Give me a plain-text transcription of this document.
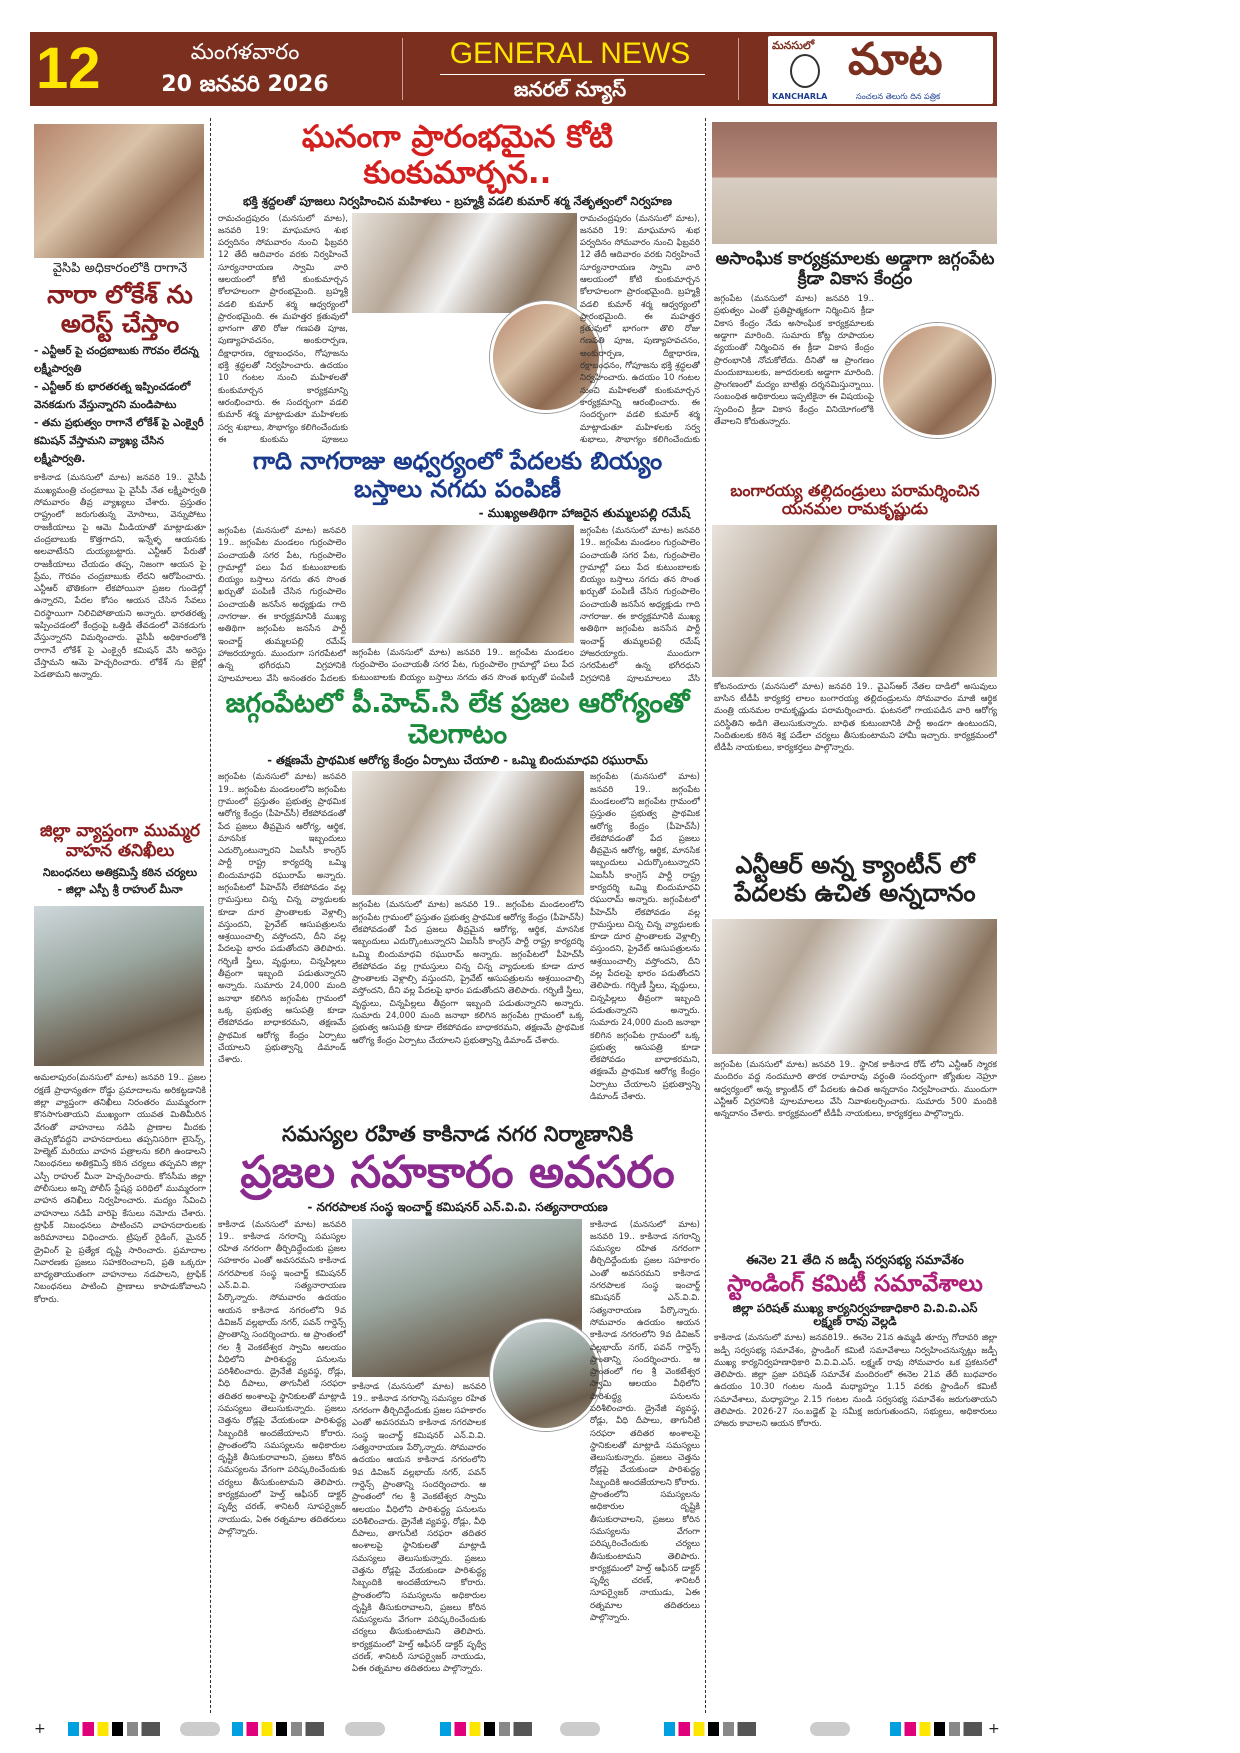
12	మంగళవారం
20 జనవరి 2026
GENERAL NEWS
జనరల్ న్యూస్
మనసులో మాట
KANCHARLA	సంచలన తెలుగు దిన పత్రిక
వైసీపీ అధికారంలోకి రాగానే
నారా లోకేశ్ ను అరెస్ట్ చేస్తాం
- ఎన్టీఆర్ పై చంద్రబాబుకు గౌరవం లేదన్న లక్ష్మీపార్వతి
- ఎన్టీఆర్ కు భారతరత్న ఇప్పించడంలో వెనకడుగు వేస్తున్నారని మండిపాటు
- తమ ప్రభుత్వం రాగానే లోకేశ్ పై ఎంక్వైరీ కమిషన్ వేస్తామని వ్యాఖ్య చేసిన లక్ష్మీపార్వతి.
కాకినాడ (మనసులో మాట) జనవరి 19.. వైసీపీ ముఖ్యమంత్రి చంద్రబాబు పై వైసీపీ నేత లక్ష్మీపార్వతి సోమవారం తీవ్ర వ్యాఖ్యలు చేశారు. ప్రస్తుతం రాష్ట్రంలో జరుగుతున్న మోసాలు, వెన్నుపోటు రాజకీయాలు పై ఆమె మీడియాతో మాట్లాడుతూ చంద్రబాబుకు కొత్తగాదని, ఇన్నేళ్ళ ఆయనకు అలవాటేనని దుయ్యబట్టారు. ఎన్టీఆర్ పేరుతో రాజకీయాలు చేయడం తప్ప, నిజంగా ఆయన పై ప్రేమ, గౌరవం చంద్రబాబుకు లేదని ఆరోపించారు. ఎన్టీఆర్ భౌతికంగా లేకపోయినా ప్రజల గుండెల్లో ఉన్నారని, పేదల కోసం ఆయన చేసిన సేవలు చిరస్థాయిగా నిలిచిపోతాయని అన్నారు. భారతరత్న ఇప్పించడంలో కేంద్రంపై ఒత్తిడి తేవడంలో వెనకడుగు వేస్తున్నారని విమర్శించారు. వైసీపీ అధికారంలోకి రాగానే లోకేశ్ పై ఎంక్వైరీ కమిషన్ వేసి అరెస్టు చేస్తామని ఆమె హెచ్చరించారు. లోకేశ్ ను జైల్లో పెడతామని అన్నారు.
జిల్లా వ్యాప్తంగా ముమ్మర వాహన తనిఖీలు
నిబంధనలు అతిక్రమిస్తే కఠిన చర్యలు
- జిల్లా ఎస్పీ శ్రీ రాహుల్ మీనా
అమలాపురం(మనసులో మాట) జనవరి 19.. ప్రజల రక్షణే ప్రాధాన్యతగా రోడ్డు ప్రమాదాలను అరికట్టడానికి జిల్లా వ్యాప్తంగా తనిఖీలు నిరంతరం ముమ్మరంగా కొనసాగుతాయని ముఖ్యంగా యువత మితిమీరిన వేగంతో వాహనాలు నడిపి ప్రాణాల మీదకు తెచ్చుకోవద్దని వాహనదారులు తప్పనిసరిగా లైసెన్స్, హెల్మెట్ మరియు వాహన పత్రాలను కలిగి ఉండాలని నిబంధనలు అతిక్రమిస్తే కఠిన చర్యలు తప్పవని జిల్లా ఎస్పీ రాహుల్ మీనా హెచ్చరించారు. కోనసీమ జిల్లా పోలీసులు అన్ని పోలీస్ స్టేషన్ల పరిధిలో ముమ్మరంగా వాహన తనిఖీలు నిర్వహించారు. మద్యం సేవించి వాహనాలు నడిపే వారిపై కేసులు నమోదు చేశారు. ట్రాఫిక్ నిబంధనలు పాటించని వాహనదారులకు జరిమానాలు విధించారు. ట్రిపుల్ రైడింగ్, మైనర్ డ్రైవింగ్ పై ప్రత్యేక దృష్టి సారించారు. ప్రమాదాల నివారణకు ప్రజలు సహకరించాలని, ప్రతి ఒక్కరూ బాధ్యతాయుతంగా వాహనాలు నడపాలని, ట్రాఫిక్ నిబంధనలు పాటించి ప్రాణాలు కాపాడుకోవాలని కోరారు.
ఘనంగా ప్రారంభమైన కోటి కుంకుమార్చన..
భక్తి శ్రద్దలతో పూజలు నిర్వహించిన మహిళలు - బ్రహ్మశ్రీ వడలి కుమార్ శర్మ నేతృత్వంలో నిర్వహణ
రామచంద్రపురం (మనసులో మాట), జనవరి 19: మాఘమాస శుభ పర్వదినం సోమవారం నుంచి ఫిబ్రవరి 12 తేదీ ఆదివారం వరకు నిర్వహించే సూర్యనారాయణ స్వామి వారి ఆలయంలో కోటి కుంకుమార్చన కోలాహలంగా ప్రారంభమైంది. బ్రహ్మశ్రీ వడలి కుమార్ శర్మ ఆధ్వర్యంలో ప్రారంభమైంది. ఈ మహత్తర క్రతువులో భాగంగా తొలి రోజు గణపతి పూజ, పుణ్యాహవచనం, అంకురార్పణ, దీక్షాధారణ, రక్షాబంధనం, గోపూజను భక్తి శ్రద్ధలతో నిర్వహించారు. ఉదయం 10 గంటల నుంచి మహిళలతో కుంకుమార్చన కార్యక్రమాన్ని ఆరంభించారు. ఈ సందర్భంగా వడలి కుమార్ శర్మ మాట్లాడుతూ మహిళలకు సర్వ శుభాలు, సౌభాగ్యం కలిగించేందుకు ఈ కుంకుమ పూజలు
రామచంద్రపురం (మనసులో మాట), జనవరి 19: మాఘమాస శుభ పర్వదినం సోమవారం నుంచి ఫిబ్రవరి 12 తేదీ ఆదివారం వరకు నిర్వహించే సూర్యనారాయణ స్వామి వారి ఆలయంలో కోటి కుంకుమార్చన కోలాహలంగా ప్రారంభమైంది. బ్రహ్మశ్రీ వడలి కుమార్ శర్మ ఆధ్వర్యంలో ప్రారంభమైంది. ఈ మహత్తర క్రతువులో భాగంగా తొలి రోజు గణపతి పూజ, పుణ్యాహవచనం, అంకురార్పణ, దీక్షాధారణ, రక్షాబంధనం, గోపూజను భక్తి శ్రద్ధలతో నిర్వహించారు. ఉదయం 10 గంటల నుంచి మహిళలతో కుంకుమార్చన కార్యక్రమాన్ని ఆరంభించారు. ఈ సందర్భంగా వడలి కుమార్ శర్మ మాట్లాడుతూ మహిళలకు సర్వ శుభాలు, సౌభాగ్యం కలిగించేందుకు
గాది నాగరాజు అధ్వర్యంలో పేదలకు బియ్యం బస్తాలు నగదు పంపిణీ
- ముఖ్యఅతిథిగా హాజరైన తుమ్మలపల్లి రమేష్
జగ్గంపేట (మనసులో మాట) జనవరి 19.. జగ్గంపేట మండలం గుర్రంపాలెం పంచాయతీ సగర పేట, గుర్రంపాలెం గ్రామాల్లో పలు పేద కుటుంబాలకు బియ్యం బస్తాలు నగదు తన సొంత ఖర్చుతో పంపిణీ చేసిన గుర్రంపాలెం పంచాయతీ జనసేన అధ్యక్షుడు గాది నాగరాజు. ఈ కార్యక్రమానికి ముఖ్య అతిథిగా జగ్గంపేట జనసేన పార్టీ ఇంచార్జ్ తుమ్మలపల్లి రమేష్ హాజరయ్యారు. ముందుగా సగరపేటలో ఉన్న భగీరధుని విగ్రహానికి పూలమాలలు వేసి అనంతరం పేదలకు
జగ్గంపేట (మనసులో మాట) జనవరి 19.. జగ్గంపేట మండలం గుర్రంపాలెం పంచాయతీ సగర పేట, గుర్రంపాలెం గ్రామాల్లో పలు పేద కుటుంబాలకు బియ్యం బస్తాలు నగదు తన సొంత ఖర్చుతో పంపిణీ
జగ్గంపేట (మనసులో మాట) జనవరి 19.. జగ్గంపేట మండలం గుర్రంపాలెం పంచాయతీ సగర పేట, గుర్రంపాలెం గ్రామాల్లో పలు పేద కుటుంబాలకు బియ్యం బస్తాలు నగదు తన సొంత ఖర్చుతో పంపిణీ చేసిన గుర్రంపాలెం పంచాయతీ జనసేన అధ్యక్షుడు గాది నాగరాజు. ఈ కార్యక్రమానికి ముఖ్య అతిథిగా జగ్గంపేట జనసేన పార్టీ ఇంచార్జ్ తుమ్మలపల్లి రమేష్ హాజరయ్యారు. ముందుగా సగరపేటలో ఉన్న భగీరధుని విగ్రహానికి పూలమాలలు వేసి
జగ్గంపేటలో పీ.హెచ్.సి లేక ప్రజల ఆరోగ్యంతో చెలగాటం
- తక్షణమే ప్రాథమిక ఆరోగ్య కేంద్రం ఏర్పాటు చేయాలి - ఒమ్మి బిందుమాధవి రఘురామ్
జగ్గంపేట (మనసులో మాట) జనవరి 19.. జగ్గంపేట మండలంలోని జగ్గంపేట గ్రామంలో ప్రస్తుతం ప్రభుత్వ ప్రాథమిక ఆరోగ్య కేంద్రం (పీహెచ్‌సీ) లేకపోవడంతో పేద ప్రజలు తీవ్రమైన ఆరోగ్య, ఆర్థిక, మానసిక ఇబ్బందులు ఎదుర్కొంటున్నారని ఏఐసీసీ కాంగ్రెస్ పార్టీ రాష్ట్ర కార్యదర్శి ఒమ్మి బిందుమాధవి రఘురామ్ అన్నారు. జగ్గంపేటలో పీహెచ్‌సీ లేకపోవడం వల్ల గ్రామస్తులు చిన్న చిన్న వ్యాధులకు కూడా దూర ప్రాంతాలకు వెళ్లాల్సి వస్తుందని, ప్రైవేట్ ఆసుపత్రులను ఆశ్రయించాల్సి వస్తోందని, దీని వల్ల పేదలపై భారం పడుతోందని తెలిపారు. గర్భిణీ స్త్రీలు, వృద్ధులు, చిన్నపిల్లలు తీవ్రంగా ఇబ్బంది పడుతున్నారని అన్నారు. సుమారు 24,000 మంది జనాభా కలిగిన జగ్గంపేట గ్రామంలో ఒక్క ప్రభుత్వ ఆసుపత్రి కూడా లేకపోవడం బాధాకరమని, తక్షణమే ప్రాథమిక ఆరోగ్య కేంద్రం ఏర్పాటు చేయాలని ప్రభుత్వాన్ని డిమాండ్ చేశారు.
జగ్గంపేట (మనసులో మాట) జనవరి 19.. జగ్గంపేట మండలంలోని జగ్గంపేట గ్రామంలో ప్రస్తుతం ప్రభుత్వ ప్రాథమిక ఆరోగ్య కేంద్రం (పీహెచ్‌సీ) లేకపోవడంతో పేద ప్రజలు తీవ్రమైన ఆరోగ్య, ఆర్థిక, మానసిక ఇబ్బందులు ఎదుర్కొంటున్నారని ఏఐసీసీ కాంగ్రెస్ పార్టీ రాష్ట్ర కార్యదర్శి ఒమ్మి బిందుమాధవి రఘురామ్ అన్నారు. జగ్గంపేటలో పీహెచ్‌సీ లేకపోవడం వల్ల గ్రామస్తులు చిన్న చిన్న వ్యాధులకు కూడా దూర ప్రాంతాలకు వెళ్లాల్సి వస్తుందని, ప్రైవేట్ ఆసుపత్రులను ఆశ్రయించాల్సి వస్తోందని, దీని వల్ల పేదలపై భారం పడుతోందని తెలిపారు. గర్భిణీ స్త్రీలు, వృద్ధులు, చిన్నపిల్లలు తీవ్రంగా ఇబ్బంది పడుతున్నారని అన్నారు. సుమారు 24,000 మంది జనాభా కలిగిన జగ్గంపేట గ్రామంలో ఒక్క ప్రభుత్వ ఆసుపత్రి కూడా లేకపోవడం బాధాకరమని, తక్షణమే ప్రాథమిక ఆరోగ్య కేంద్రం ఏర్పాటు చేయాలని ప్రభుత్వాన్ని డిమాండ్ చేశారు.
జగ్గంపేట (మనసులో మాట) జనవరి 19.. జగ్గంపేట మండలంలోని జగ్గంపేట గ్రామంలో ప్రస్తుతం ప్రభుత్వ ప్రాథమిక ఆరోగ్య కేంద్రం (పీహెచ్‌సీ) లేకపోవడంతో పేద ప్రజలు తీవ్రమైన ఆరోగ్య, ఆర్థిక, మానసిక ఇబ్బందులు ఎదుర్కొంటున్నారని ఏఐసీసీ కాంగ్రెస్ పార్టీ రాష్ట్ర కార్యదర్శి ఒమ్మి బిందుమాధవి రఘురామ్ అన్నారు. జగ్గంపేటలో పీహెచ్‌సీ లేకపోవడం వల్ల గ్రామస్తులు చిన్న చిన్న వ్యాధులకు కూడా దూర ప్రాంతాలకు వెళ్లాల్సి వస్తుందని, ప్రైవేట్ ఆసుపత్రులను ఆశ్రయించాల్సి వస్తోందని, దీని వల్ల పేదలపై భారం పడుతోందని తెలిపారు. గర్భిణీ స్త్రీలు, వృద్ధులు, చిన్నపిల్లలు తీవ్రంగా ఇబ్బంది పడుతున్నారని అన్నారు. సుమారు 24,000 మంది జనాభా కలిగిన జగ్గంపేట గ్రామంలో ఒక్క ప్రభుత్వ ఆసుపత్రి కూడా లేకపోవడం బాధాకరమని, తక్షణమే ప్రాథమిక ఆరోగ్య కేంద్రం ఏర్పాటు చేయాలని ప్రభుత్వాన్ని డిమాండ్ చేశారు.
సమస్యల రహిత కాకినాడ నగర నిర్మాణానికి
ప్రజల సహకారం అవసరం
- నగరపాలక సంస్థ ఇంచార్జ్ కమిషనర్ ఎన్.వి.వి. సత్యనారాయణ
కాకినాడ (మనసులో మాట) జనవరి 19.. కాకినాడ నగరాన్ని సమస్యల రహిత నగరంగా తీర్చిదిద్దేందుకు ప్రజల సహకారం ఎంతో అవసరమని కాకినాడ నగరపాలక సంస్థ ఇంచార్జ్ కమిషనర్ ఎన్.వి.వి. సత్యనారాయణ పేర్కొన్నారు. సోమవారం ఉదయం ఆయన కాకినాడ నగరంలోని 9వ డివిజన్ వల్లభాయ్ నగర్, పవన్ గార్డెన్స్ ప్రాంతాన్ని సందర్శించారు. ఆ ప్రాంతంలో గల శ్రీ వెంకటేశ్వర స్వామి ఆలయం వీధిలోని పారిశుద్ధ్య పనులను పరిశీలించారు. డ్రైనేజీ వ్యవస్థ, రోడ్లు, వీధి దీపాలు, తాగునీటి సరఫరా తదితర అంశాలపై స్థానికులతో మాట్లాడి సమస్యలు తెలుసుకున్నారు. ప్రజలు చెత్తను రోడ్లపై వేయకుండా పారిశుద్ధ్య సిబ్బందికి అందజేయాలని కోరారు. ప్రాంతంలోని సమస్యలను అధికారుల దృష్టికి తీసుకురావాలని, ప్రజలు కోరిన సమస్యలను వేగంగా పరిష్కరించేందుకు చర్యలు తీసుకుంటామని తెలిపారు. కార్యక్రమంలో హెల్త్ ఆఫీసర్ డాక్టర్ పృథ్వీ చరణ్, శానిటరీ సూపర్వైజర్ నాయుడు, ఏఈ రత్నమాల తదితరులు పాల్గొన్నారు.
కాకినాడ (మనసులో మాట) జనవరి 19.. కాకినాడ నగరాన్ని సమస్యల రహిత నగరంగా తీర్చిదిద్దేందుకు ప్రజల సహకారం ఎంతో అవసరమని కాకినాడ నగరపాలక సంస్థ ఇంచార్జ్ కమిషనర్ ఎన్.వి.వి. సత్యనారాయణ పేర్కొన్నారు. సోమవారం ఉదయం ఆయన కాకినాడ నగరంలోని 9వ డివిజన్ వల్లభాయ్ నగర్, పవన్ గార్డెన్స్ ప్రాంతాన్ని సందర్శించారు. ఆ ప్రాంతంలో గల శ్రీ వెంకటేశ్వర స్వామి ఆలయం వీధిలోని పారిశుద్ధ్య పనులను పరిశీలించారు. డ్రైనేజీ వ్యవస్థ, రోడ్లు, వీధి దీపాలు, తాగునీటి సరఫరా తదితర అంశాలపై స్థానికులతో మాట్లాడి సమస్యలు తెలుసుకున్నారు. ప్రజలు చెత్తను రోడ్లపై వేయకుండా పారిశుద్ధ్య సిబ్బందికి అందజేయాలని కోరారు. ప్రాంతంలోని సమస్యలను అధికారుల దృష్టికి తీసుకురావాలని, ప్రజలు కోరిన సమస్యలను వేగంగా పరిష్కరించేందుకు చర్యలు తీసుకుంటామని తెలిపారు. కార్యక్రమంలో హెల్త్ ఆఫీసర్ డాక్టర్ పృథ్వీ చరణ్, శానిటరీ సూపర్వైజర్ నాయుడు, ఏఈ రత్నమాల తదితరులు పాల్గొన్నారు.
కాకినాడ (మనసులో మాట) జనవరి 19.. కాకినాడ నగరాన్ని సమస్యల రహిత నగరంగా తీర్చిదిద్దేందుకు ప్రజల సహకారం ఎంతో అవసరమని కాకినాడ నగరపాలక సంస్థ ఇంచార్జ్ కమిషనర్ ఎన్.వి.వి. సత్యనారాయణ పేర్కొన్నారు. సోమవారం ఉదయం ఆయన కాకినాడ నగరంలోని 9వ డివిజన్ వల్లభాయ్ నగర్, పవన్ గార్డెన్స్ ప్రాంతాన్ని సందర్శించారు. ఆ ప్రాంతంలో గల శ్రీ వెంకటేశ్వర స్వామి ఆలయం వీధిలోని పారిశుద్ధ్య పనులను పరిశీలించారు. డ్రైనేజీ వ్యవస్థ, రోడ్లు, వీధి దీపాలు, తాగునీటి సరఫరా తదితర అంశాలపై స్థానికులతో మాట్లాడి సమస్యలు తెలుసుకున్నారు. ప్రజలు చెత్తను రోడ్లపై వేయకుండా పారిశుద్ధ్య సిబ్బందికి అందజేయాలని కోరారు. ప్రాంతంలోని సమస్యలను అధికారుల దృష్టికి తీసుకురావాలని, ప్రజలు కోరిన సమస్యలను వేగంగా పరిష్కరించేందుకు చర్యలు తీసుకుంటామని తెలిపారు. కార్యక్రమంలో హెల్త్ ఆఫీసర్ డాక్టర్ పృథ్వీ చరణ్, శానిటరీ సూపర్వైజర్ నాయుడు, ఏఈ రత్నమాల తదితరులు పాల్గొన్నారు.
అసాంఘిక కార్యక్రమాలకు అడ్డాగా జగ్గంపేట క్రీడా వికాస కేంద్రం
జగ్గంపేట (మనసులో మాట) జనవరి 19.. ప్రభుత్వం ఎంతో ప్రతిష్టాత్మకంగా నిర్మించిన క్రీడా వికాస కేంద్రం నేడు అసాంఘిక కార్యక్రమాలకు అడ్డాగా మారింది. సుమారు కోట్ల రూపాయల వ్యయంతో నిర్మించిన ఈ క్రీడా వికాస కేంద్రం ప్రారంభానికి నోచుకోలేదు. దీనితో ఆ ప్రాంగణం మందుబాబులకు, జూదరులకు అడ్డాగా మారింది. ప్రాంగణంలో మద్యం బాటిళ్లు దర్శనమిస్తున్నాయి. సంబంధిత అధికారులు ఇప్పటికైనా ఈ విషయంపై స్పందించి క్రీడా వికాస కేంద్రం వినియోగంలోకి తేవాలని కోరుతున్నారు.
బంగారయ్య తల్లిదండ్రులు పరామర్శించిన యనమల రామకృష్ణుడు
కోటనందూరు (మనసులో మాట) జనవరి 19.. వైఎస్ఆర్ నేతల దాడిలో అసువులు బాసిన టీడీపీ కార్యకర్త లాలం బంగారయ్య తల్లిదండ్రులను సోమవారం మాజీ ఆర్థిక మంత్రి యనమల రామకృష్ణుడు పరామర్శించారు. ఘటనలో గాయపడిన వారి ఆరోగ్య పరిస్థితిని అడిగి తెలుసుకున్నారు. బాధిత కుటుంబానికి పార్టీ అండగా ఉంటుందని, నిందితులకు కఠిన శిక్ష పడేలా చర్యలు తీసుకుంటామని హామీ ఇచ్చారు. కార్యక్రమంలో టీడీపీ నాయకులు, కార్యకర్తలు పాల్గొన్నారు.
ఎన్టీఆర్ అన్న క్యాంటీన్ లో పేదలకు ఉచిత అన్నదానం
జగ్గంపేట (మనసులో మాట) జనవరి 19.. స్థానిక కాకినాడ రోడ్ లోని ఎన్టీఆర్ స్మారక మందిరం వద్ద నందమూరి తారక రామారావు వర్ధంతి సందర్భంగా జ్యోతుల నెహ్రూ ఆధ్వర్యంలో అన్న క్యాంటీన్ లో పేదలకు ఉచిత అన్నదానం నిర్వహించారు. ముందుగా ఎన్టీఆర్ విగ్రహానికి పూలమాలలు వేసి నివాళులర్పించారు. సుమారు 500 మందికి అన్నదానం చేశారు. కార్యక్రమంలో టీడీపీ నాయకులు, కార్యకర్తలు పాల్గొన్నారు.
ఈనెల 21 తేది న జడ్పీ సర్వసభ్య సమావేశం
స్టాండింగ్ కమిటీ సమావేశాలు
జిల్లా పరిషత్ ముఖ్య కార్యనిర్వహణాధికారి వి.వి.వి.ఎస్ లక్ష్మణ్ రావు వెల్లడి
కాకినాడ (మనసులో మాట) జనవరి19.. ఈనెల 21న ఉమ్మడి తూర్పు గోదావరి జిల్లా జడ్పీ సర్వసభ్య సమావేశం, స్టాండింగ్ కమిటీ సమావేశాలు నిర్వహించనున్నట్లు జడ్పీ ముఖ్య కార్యనిర్వహణాధికారి వి.వి.వి.ఎస్. లక్ష్మణ్ రావు సోమవారం ఒక ప్రకటనలో తెలిపారు. జిల్లా ప్రజా పరిషత్ సమావేశ మందిరంలో ఈనెల 21వ తేదీ బుధవారం ఉదయం 10.30 గంటల నుండి మధ్యాహ్నం 1.15 వరకు స్టాండింగ్ కమిటీ సమావేశాలు, మధ్యాహ్నం 2.15 గంటల నుండి సర్వసభ్య సమావేశం జరుగుతాయని తెలిపారు. 2026-27 సం.బడ్జెట్ పై సమీక్ష జరుగుతుందని, సభ్యులు, అధికారులు హాజరు కావాలని ఆయన కోరారు.
+	+
